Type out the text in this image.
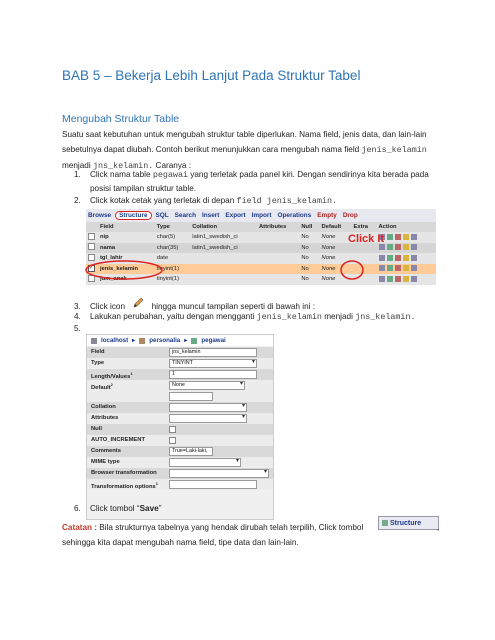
BAB 5 – Bekerja Lebih Lanjut Pada Struktur Tabel
Mengubah Struktur Table
Suatu saat kebutuhan untuk mengubah struktur table diperlukan. Nama field, jenis data, dan lain-lain
sebetulnya dapat diubah. Contoh berikut menunjukkan cara mengubah nama field jenis_kelamin
menjadi jns_kelamin. Caranya :
1. Click nama table pegawai yang terletak pada panel kiri. Dengan sendirinya kita berada pada
posisi tampilan struktur table.
2. Click kotak cetak yang terletak di depan field jenis_kelamin.
Browse	Structure	SQL Search Insert Export Import Operations Empty Drop
	Field	Type	Collation	Attributes	Null	Default	Extra	Action
	nip	char(5)	latin1_swedish_ci		No	None		
	nama	char(35)	latin1_swedish_ci		No	None		
	tgl_lahir	date			No	None		
✓	jenis_kelamin	tinyint(1)			No	None		
	jum_anak	tinyint(1)			No	None		
Click It
3. Click icon	hingga muncul tampilan seperti di bawah ini :
4. Lakukan perubahan, yaitu dengan mengganti jenis_kelamin menjadi jns_kelamin.
5.
localhost ▸ personalia ▸ pegawai
Field	jns_kelamin
Type	TINYINT ▾
Length/Values$^1$	1
Default$^2$	None ▾
Collation
▾
Attributes
▾
Null
AUTO_INCREMENT
Comments	True=Laki-laki,
MIME type
▾
Browser transformation
▾
Transformation options$^1$
6. Click tombol “Save”
Catatan : Bila strukturnya tabelnya yang hendak dirubah telah terpilih, Click tombol
sehingga kita dapat mengubah nama field, tipe data dan lain-lain.
Structure ,
